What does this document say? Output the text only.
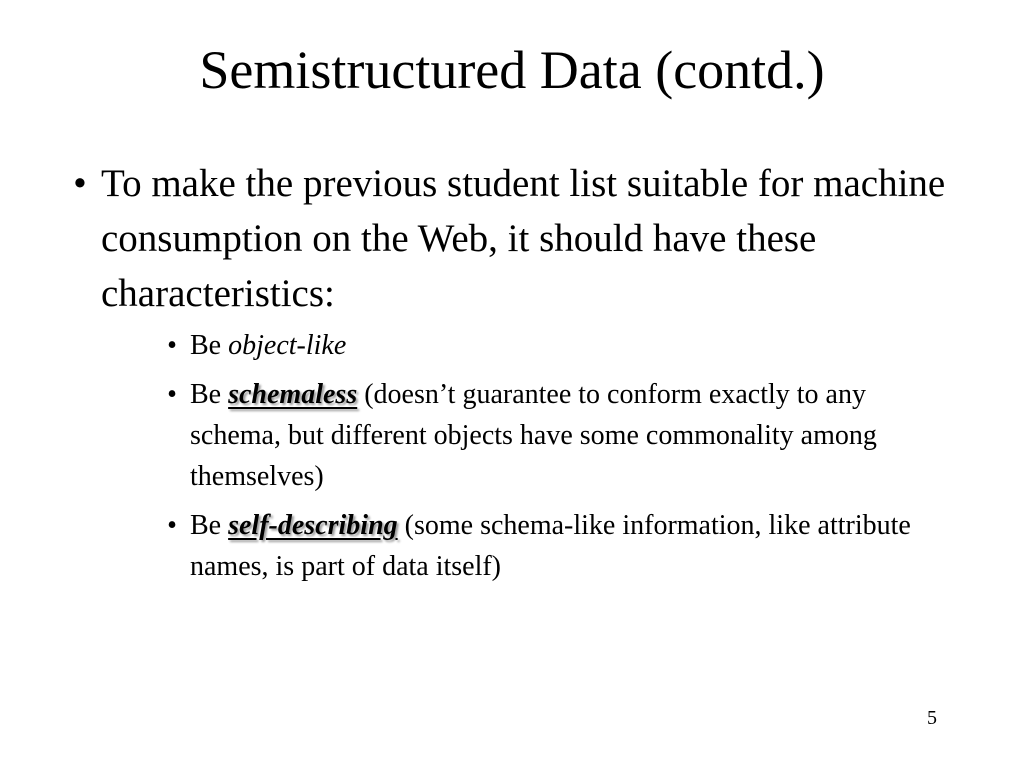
Semistructured Data (contd.)
• To make the previous student list suitable for machine consumption on the Web, it should have these characteristics:
• Be object-like
• Be schemaless (doesn’t guarantee to conform exactly to any schema, but different objects have some commonality among themselves)
• Be self-describing (some schema-like information, like attribute names, is part of data itself)
5
